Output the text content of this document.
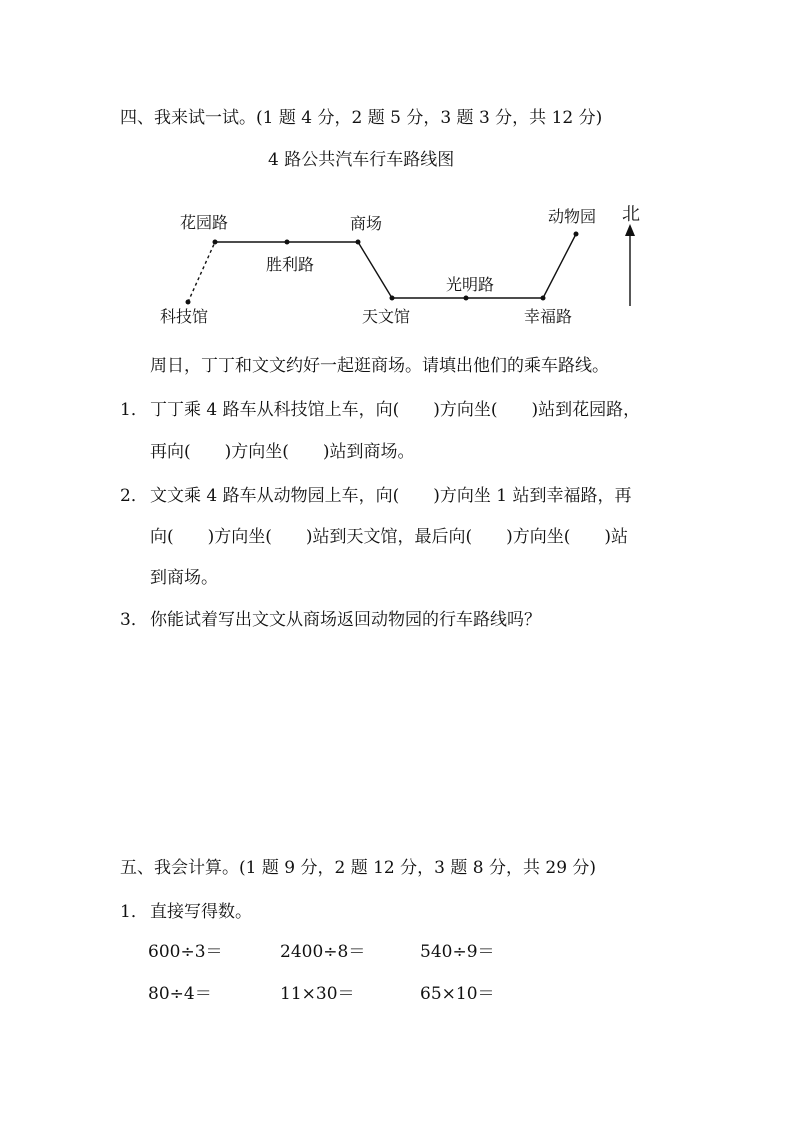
四、我来试一试。(1 题 4 分，2 题 5 分，3 题 3 分，共 12 分)
4 路公共汽车行车路线图
花园路	商场
胜利路
科技馆	天文馆
光明路
幸福路
动物园 北
周日，丁丁和文文约好一起逛商场。请填出他们的乘车路线。
1． 丁丁乘 4 路车从科技馆上车，向(　　)方向坐(　　)站到花园路，
再向(　　)方向坐(　　)站到商场。
2． 文文乘 4 路车从动物园上车，向(　　)方向坐 1 站到幸福路，再
向(　　)方向坐(　　)站到天文馆，最后向(　　)方向坐(　　)站
到商场。
3． 你能试着写出文文从商场返回动物园的行车路线吗？
五、我会计算。(1 题 9 分，2 题 12 分，3 题 8 分，共 29 分)
1． 直接写得数。
600÷3＝	2400÷8＝	540÷9＝
80÷4＝	11×30＝	65×10＝
